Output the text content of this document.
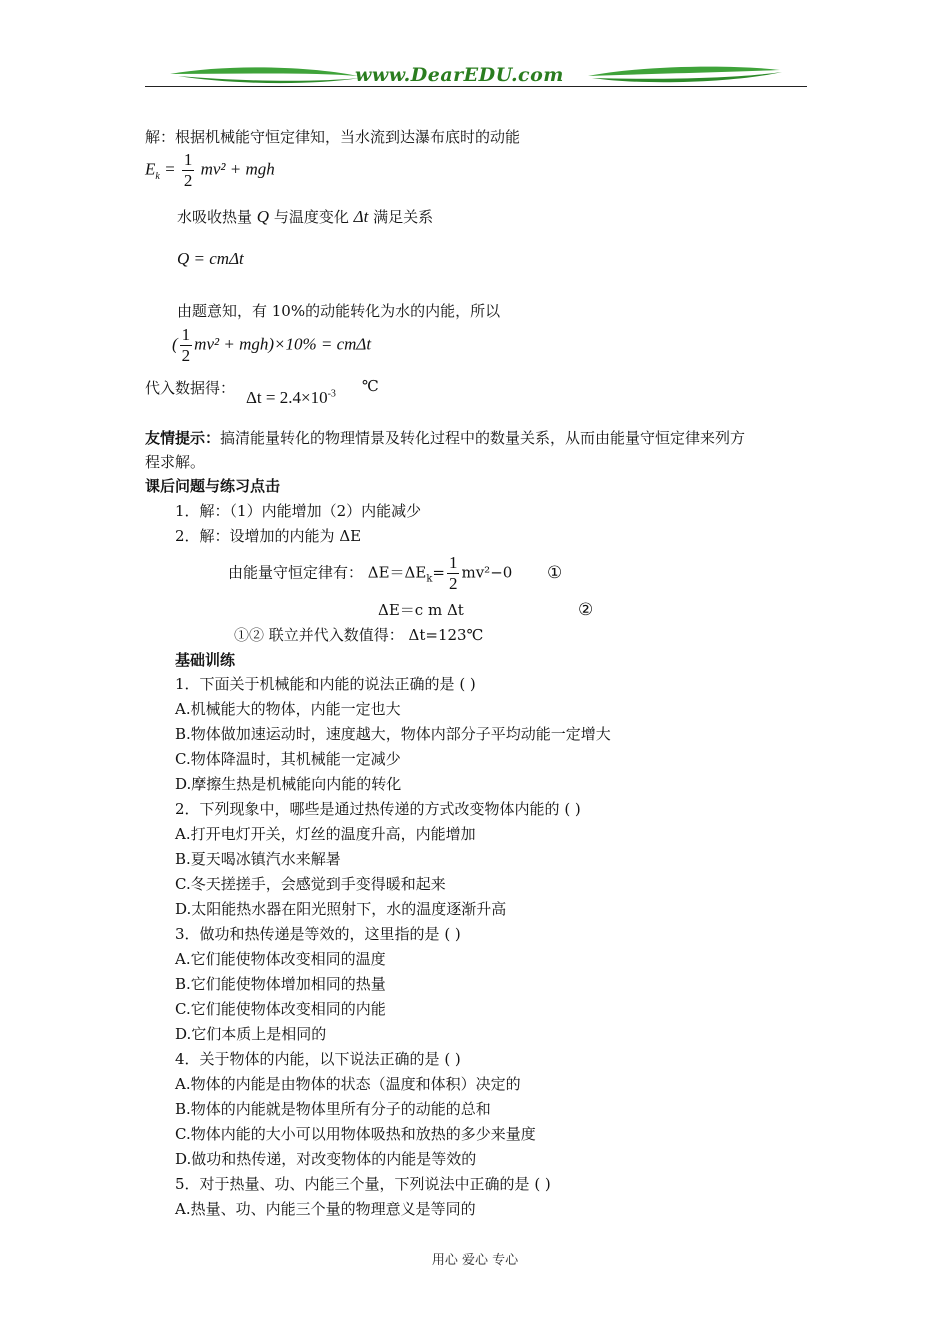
www.DearEDU.com
解：根据机械能守恒定律知，当水流到达瀑布底时的动能
$E_k = \frac{1}{2} mv^2$ + mgh
水吸收热量 Q 与温度变化 Δt 满足关系
Q = cmΔt
由题意知，有 10%的动能转化为水的内能，所以
( $\frac{1}{2} mv^2 + mgh)\times 10\% = cm\Delta t$
代入数据得： $\Delta t = 2.4\times 10^{-3}$ ℃
友情提示：搞清能量转化的物理情景及转化过程中的数量关系，从而由能量守恒定律来列方
程求解。
课后问题与练习点击
1．解：（1）内能增加（2）内能减少
2．解：设增加的内能为 ΔE
由能量守恒定律有： $\Delta E=\Delta E_k= \frac{1}{2} mv^2-0$ ①
ΔE＝c m Δt	②
①② 联立并代入数值得： Δt=123℃
基础训练
1．下面关于机械能和内能的说法正确的是 ( )
A.机械能大的物体，内能一定也大
B.物体做加速运动时，速度越大，物体内部分子平均动能一定增大
C.物体降温时，其机械能一定减少
D.摩擦生热是机械能向内能的转化
2．下列现象中，哪些是通过热传递的方式改变物体内能的 ( )
A.打开电灯开关，灯丝的温度升高，内能增加
B.夏天喝冰镇汽水来解暑
C.冬天搓搓手，会感觉到手变得暖和起来
D.太阳能热水器在阳光照射下，水的温度逐渐升高
3．做功和热传递是等效的，这里指的是 ( )
A.它们能使物体改变相同的温度
B.它们能使物体增加相同的热量
C.它们能使物体改变相同的内能
D.它们本质上是相同的
4．关于物体的内能，以下说法正确的是 ( )
A.物体的内能是由物体的状态（温度和体积）决定的
B.物体的内能就是物体里所有分子的动能的总和
C.物体内能的大小可以用物体吸热和放热的多少来量度
D.做功和热传递，对改变物体的内能是等效的
5．对于热量、功、内能三个量，下列说法中正确的是 ( )
A.热量、功、内能三个量的物理意义是等同的
用心 爱心 专心
